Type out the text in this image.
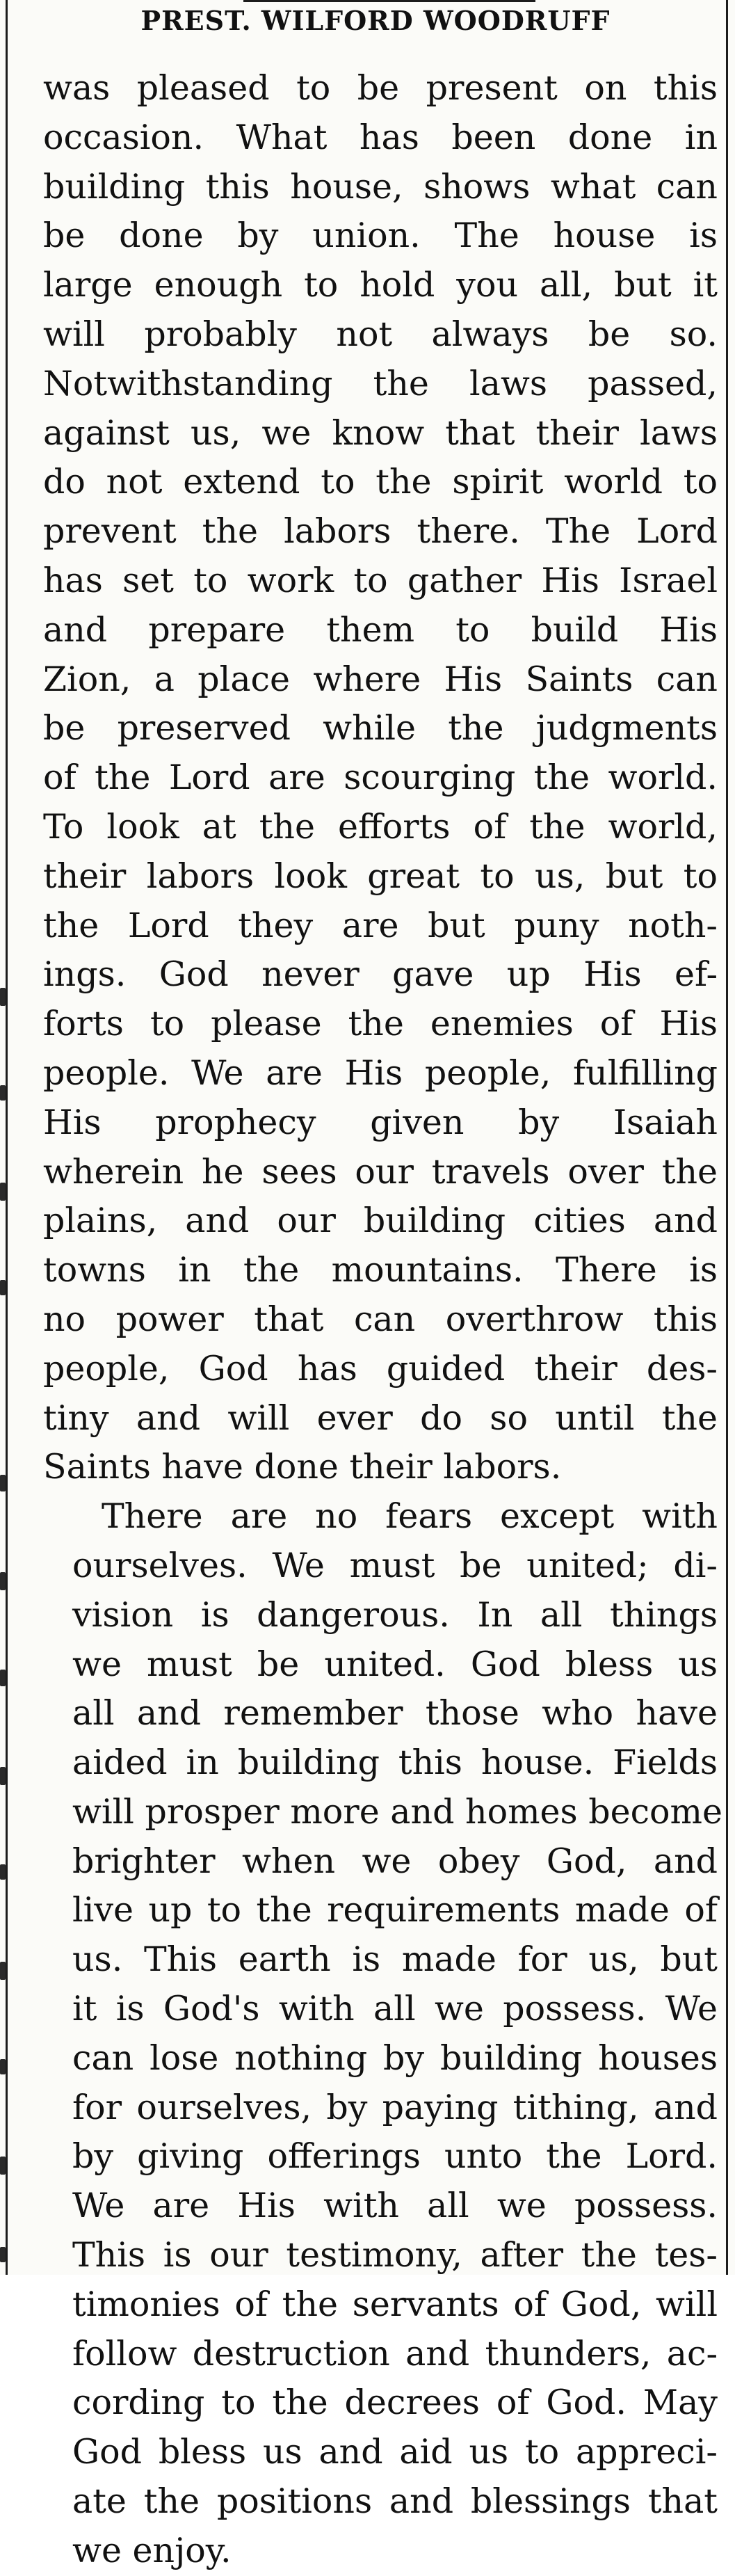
PREST. WILFORD WOODRUFF

was pleased to be present on this
occasion. What has been done in
building this house, shows what can
be done by union. The house is
large enough to hold you all, but it
will probably not always be so.
Notwithstanding the laws passed,
against us, we know that their laws
do not extend to the spirit world to
prevent the labors there. The Lord
has set to work to gather His Israel
and prepare them to build His
Zion, a place where His Saints can
be preserved while the judgments
of the Lord are scourging the world.
To look at the efforts of the world,
their labors look great to us, but to
the Lord they are but puny noth-
ings. God never gave up His ef-
forts to please the enemies of His
people. We are His people, fulfilling
His prophecy given by Isaiah
wherein he sees our travels over the
plains, and our building cities and
towns in the mountains. There is
no power that can overthrow this
people, God has guided their des-
tiny and will ever do so until the
Saints have done their labors.

There are no fears except with
ourselves. We must be united; di-
vision is dangerous. In all things
we must be united. God bless us
all and remember those who have
aided in building this house. Fields
will prosper more and homes become
brighter when we obey God, and
live up to the requirements made of
us. This earth is made for us, but
it is God's with all we possess. We
can lose nothing by building houses
for ourselves, by paying tithing, and
by giving offerings unto the Lord.
We are His with all we possess.
This is our testimony, after the tes-
timonies of the servants of God, will
follow destruction and thunders, ac-
cording to the decrees of God. May
God bless us and aid us to appreci-
ate the positions and blessings that
we enjoy.
